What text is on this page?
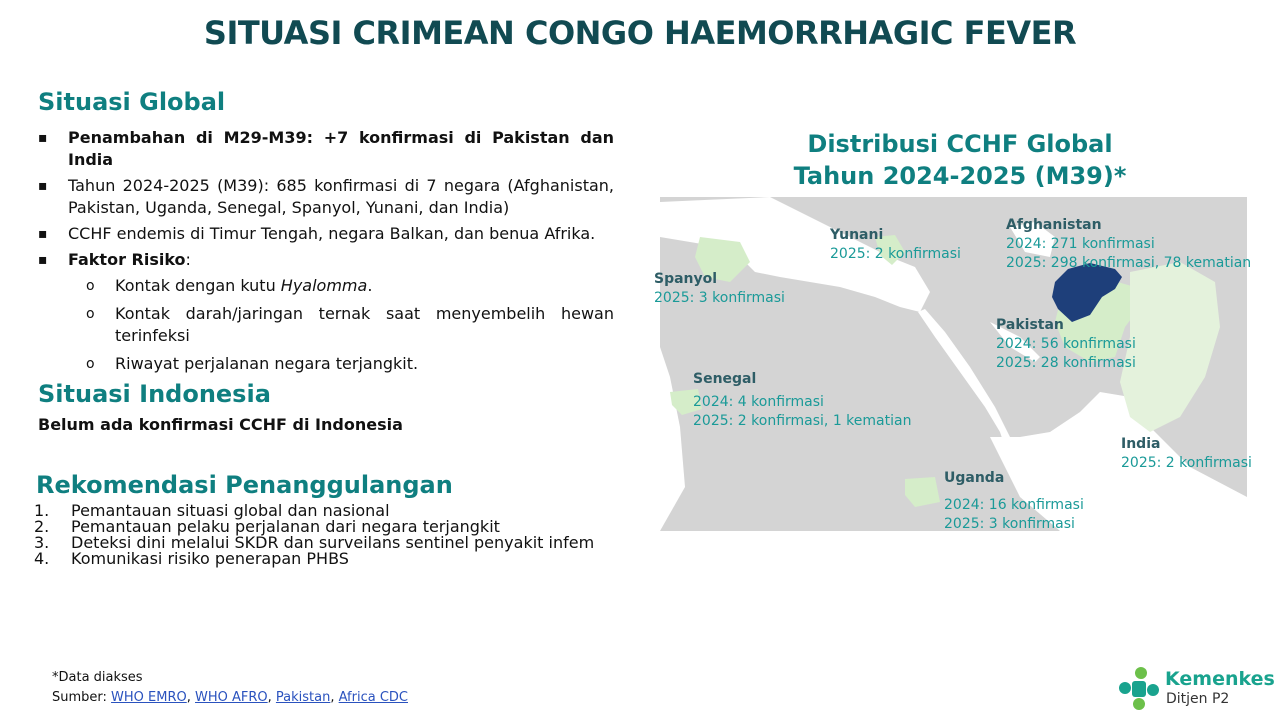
SITUASI CRIMEAN CONGO HAEMORRHAGIC FEVER
Situasi Global
▪ Penambahan di M29-M39: +7 konfirmasi di Pakistan dan India
▪ Tahun 2024-2025 (M39): 685 konfirmasi di 7 negara (Afghanistan, Pakistan, Uganda, Senegal, Spanyol, Yunani, dan India)
▪ CCHF endemis di Timur Tengah, negara Balkan, dan benua Afrika.
▪ Faktor Risiko:
o Kontak dengan kutu Hyalomma.
o Kontak darah/jaringan ternak saat menyembelih hewan terinfeksi
o Riwayat perjalanan negara terjangkit.
Situasi Indonesia
Belum ada konfirmasi CCHF di Indonesia
Rekomendasi Penanggulangan
1.	Pemantauan situasi global dan nasional
2.	Pemantauan pelaku perjalanan dari negara terjangkit
3.	Deteksi dini melalui SKDR dan surveilans sentinel penyakit infem
4.	Komunikasi risiko penerapan PHBS
Distribusi CCHF Global
Tahun 2024-2025 (M39)*
Yunani
2025: 2 konfirmasi
Afghanistan
2024: 271 konfirmasi
2025: 298 konfirmasi, 78 kematian
Spanyol
2025: 3 konfirmasi
Pakistan
2024: 56 konfirmasi
2025: 28 konfirmasi
Senegal
2024: 4 konfirmasi
2025: 2 konfirmasi, 1 kematian
India
2025: 2 konfirmasi
Uganda
2024: 16 konfirmasi
2025: 3 konfirmasi
*Data diakses
Sumber: WHO EMRO, WHO AFRO, Pakistan, Africa CDC
Kemenkes
Ditjen P2
